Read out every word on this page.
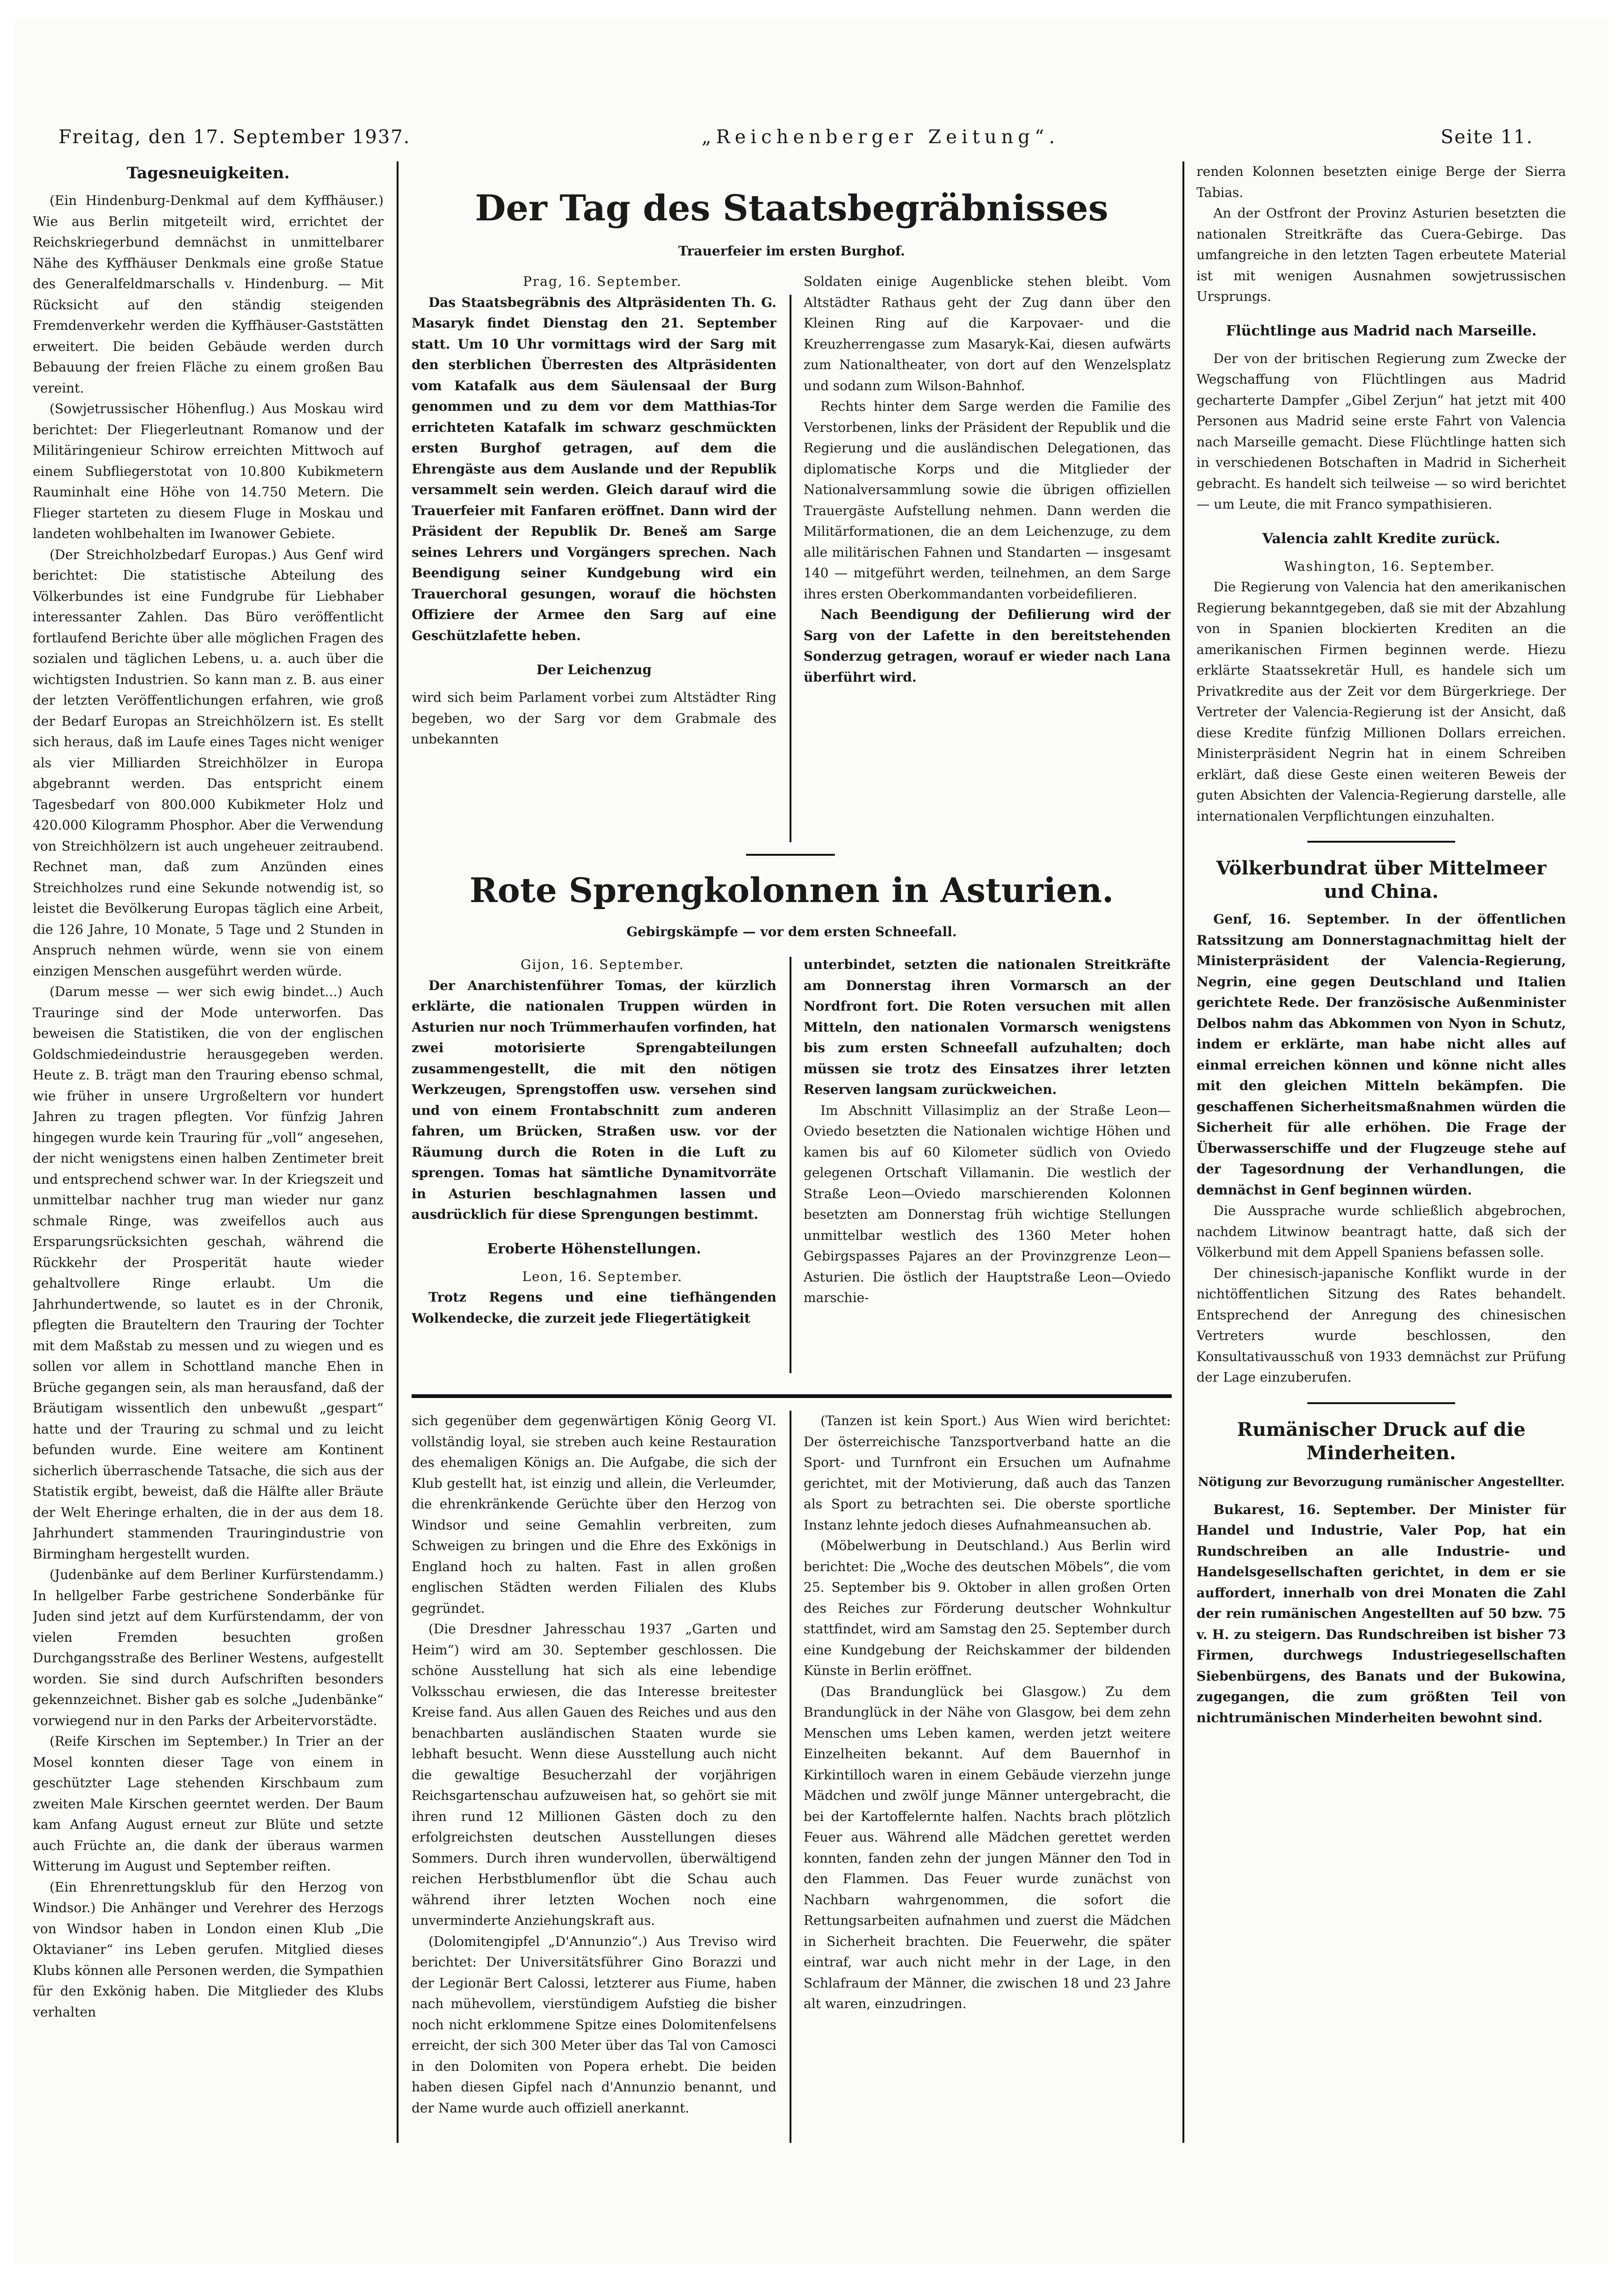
Freitag, den 17. September 1937.	„Reichenberger Zeitung“.	Seite 11.
Tagesneuigkeiten.

(Ein Hindenburg-Denkmal auf dem Kyffhäuser.) Wie aus Berlin mitgeteilt wird, errichtet der Reichskriegerbund demnächst in unmittelbarer Nähe des Kyffhäuser Denkmals eine große Statue des Generalfeldmarschalls v. Hindenburg. — Mit Rücksicht auf den ständig steigenden Fremdenverkehr werden die Kyffhäuser-Gaststätten erweitert. Die beiden Gebäude werden durch Bebauung der freien Fläche zu einem großen Bau vereint.

(Sowjetrussischer Höhenflug.) Aus Moskau wird berichtet: Der Fliegerleutnant Romanow und der Militäringenieur Schirow erreichten Mittwoch auf einem Subfliegerstotat von 10.800 Kubikmetern Rauminhalt eine Höhe von 14.750 Metern. Die Flieger starteten zu diesem Fluge in Moskau und landeten wohlbehalten im Iwanower Gebiete.

(Der Streichholzbedarf Europas.) Aus Genf wird berichtet: Die statistische Abteilung des Völkerbundes ist eine Fundgrube für Liebhaber interessanter Zahlen. Das Büro veröffentlicht fortlaufend Berichte über alle möglichen Fragen des sozialen und täglichen Lebens, u. a. auch über die wichtigsten Industrien. So kann man z. B. aus einer der letzten Veröffentlichungen erfahren, wie groß der Bedarf Europas an Streichhölzern ist. Es stellt sich heraus, daß im Laufe eines Tages nicht weniger als vier Milliarden Streichhölzer in Europa abgebrannt werden. Das entspricht einem Tagesbedarf von 800.000 Kubikmeter Holz und 420.000 Kilogramm Phosphor. Aber die Verwendung von Streichhölzern ist auch ungeheuer zeitraubend. Rechnet man, daß zum Anzünden eines Streichholzes rund eine Sekunde notwendig ist, so leistet die Bevölkerung Europas täglich eine Arbeit, die 126 Jahre, 10 Monate, 5 Tage und 2 Stunden in Anspruch nehmen würde, wenn sie von einem einzigen Menschen ausgeführt werden würde.

(Darum messe — wer sich ewig bindet...) Auch Trauringe sind der Mode unterworfen. Das beweisen die Statistiken, die von der englischen Goldschmiedeindustrie herausgegeben werden. Heute z. B. trägt man den Trauring ebenso schmal, wie früher in unsere Urgroßeltern vor hundert Jahren zu tragen pflegten. Vor fünfzig Jahren hingegen wurde kein Trauring für „voll“ angesehen, der nicht wenigstens einen halben Zentimeter breit und entsprechend schwer war. In der Kriegszeit und unmittelbar nachher trug man wieder nur ganz schmale Ringe, was zweifellos auch aus Ersparungsrücksichten geschah, während die Rückkehr der Prosperität haute wieder gehaltvollere Ringe erlaubt. Um die Jahrhundertwende, so lautet es in der Chronik, pflegten die Brauteltern den Trauring der Tochter mit dem Maßstab zu messen und zu wiegen und es sollen vor allem in Schottland manche Ehen in Brüche gegangen sein, als man herausfand, daß der Bräutigam wissentlich den unbewußt „gespart“ hatte und der Trauring zu schmal und zu leicht befunden wurde. Eine weitere am Kontinent sicherlich überraschende Tatsache, die sich aus der Statistik ergibt, beweist, daß die Hälfte aller Bräute der Welt Eheringe erhalten, die in der aus dem 18. Jahrhundert stammenden Trauringindustrie von Birmingham hergestellt wurden.

(Judenbänke auf dem Berliner Kurfürstendamm.) In hellgelber Farbe gestrichene Sonderbänke für Juden sind jetzt auf dem Kurfürstendamm, der von vielen Fremden besuchten großen Durchgangsstraße des Berliner Westens, aufgestellt worden. Sie sind durch Aufschriften besonders gekennzeichnet. Bisher gab es solche „Judenbänke“ vorwiegend nur in den Parks der Arbeitervorstädte.

(Reife Kirschen im September.) In Trier an der Mosel konnten dieser Tage von einem in geschützter Lage stehenden Kirschbaum zum zweiten Male Kirschen geerntet werden. Der Baum kam Anfang August erneut zur Blüte und setzte auch Früchte an, die dank der überaus warmen Witterung im August und September reiften.

(Ein Ehrenrettungsklub für den Herzog von Windsor.) Die Anhänger und Verehrer des Herzogs von Windsor haben in London einen Klub „Die Oktavianer“ ins Leben gerufen. Mitglied dieses Klubs können alle Personen werden, die Sympathien für den Exkönig haben. Die Mitglieder des Klubs verhalten

Der Tag des Staatsbegräbnisses
Trauerfeier im ersten Burghof.

Prag, 16. September.

Das Staatsbegräbnis des Altpräsidenten Th. G. Masaryk findet Dienstag den 21. September statt. Um 10 Uhr vormittags wird der Sarg mit den sterblichen Überresten des Altpräsidenten vom Katafalk aus dem Säulensaal der Burg genommen und zu dem vor dem Matthias-Tor errichteten Katafalk im schwarz geschmückten ersten Burghof getragen, auf dem die Ehrengäste aus dem Auslande und der Republik versammelt sein werden. Gleich darauf wird die Trauerfeier mit Fanfaren eröffnet. Dann wird der Präsident der Republik Dr. Beneš am Sarge seines Lehrers und Vorgängers sprechen. Nach Beendigung seiner Kundgebung wird ein Trauerchoral gesungen, worauf die höchsten Offiziere der Armee den Sarg auf eine Geschützlafette heben.

Der Leichenzug

wird sich beim Parlament vorbei zum Altstädter Ring begeben, wo der Sarg vor dem Grabmale des unbekannten

Soldaten einige Augenblicke stehen bleibt. Vom Altstädter Rathaus geht der Zug dann über den Kleinen Ring auf die Karpovaer- und die Kreuzherrengasse zum Masaryk-Kai, diesen aufwärts zum Nationaltheater, von dort auf den Wenzelsplatz und sodann zum Wilson-Bahnhof.

Rechts hinter dem Sarge werden die Familie des Verstorbenen, links der Präsident der Republik und die Regierung und die ausländischen Delegationen, das diplomatische Korps und die Mitglieder der Nationalversammlung sowie die übrigen offiziellen Trauergäste Aufstellung nehmen. Dann werden die Militärformationen, die an dem Leichenzuge, zu dem alle militärischen Fahnen und Standarten — insgesamt 140 — mitgeführt werden, teilnehmen, an dem Sarge ihres ersten Oberkommandanten vorbeidefilieren.

Nach Beendigung der Defilierung wird der Sarg von der Lafette in den bereitstehenden Sonderzug getragen, worauf er wieder nach Lana überführt wird.

Rote Sprengkolonnen in Asturien.
Gebirgskämpfe — vor dem ersten Schneefall.

Gijon, 16. September.

Der Anarchistenführer Tomas, der kürzlich erklärte, die nationalen Truppen würden in Asturien nur noch Trümmerhaufen vorfinden, hat zwei motorisierte Sprengabteilungen zusammengestellt, die mit den nötigen Werkzeugen, Sprengstoffen usw. versehen sind und von einem Frontabschnitt zum anderen fahren, um Brücken, Straßen usw. vor der Räumung durch die Roten in die Luft zu sprengen. Tomas hat sämtliche Dynamitvorräte in Asturien beschlagnahmen lassen und ausdrücklich für diese Sprengungen bestimmt.

Eroberte Höhenstellungen.

Leon, 16. September.

Trotz Regens und eine tiefhängenden Wolkendecke, die zurzeit jede Fliegertätigkeit

unterbindet, setzten die nationalen Streitkräfte am Donnerstag ihren Vormarsch an der Nordfront fort. Die Roten versuchen mit allen Mitteln, den nationalen Vormarsch wenigstens bis zum ersten Schneefall aufzuhalten; doch müssen sie trotz des Einsatzes ihrer letzten Reserven langsam zurückweichen.

Im Abschnitt Villasimpliz an der Straße Leon—Oviedo besetzten die Nationalen wichtige Höhen und kamen bis auf 60 Kilometer südlich von Oviedo gelegenen Ortschaft Villamanin. Die westlich der Straße Leon—Oviedo marschierenden Kolonnen besetzten am Donnerstag früh wichtige Stellungen unmittelbar westlich des 1360 Meter hohen Gebirgspasses Pajares an der Provinzgrenze Leon—Asturien. Die östlich der Hauptstraße Leon—Oviedo marschie-

sich gegenüber dem gegenwärtigen König Georg VI. vollständig loyal, sie streben auch keine Restauration des ehemaligen Königs an. Die Aufgabe, die sich der Klub gestellt hat, ist einzig und allein, die Verleumder, die ehrenkränkende Gerüchte über den Herzog von Windsor und seine Gemahlin verbreiten, zum Schweigen zu bringen und die Ehre des Exkönigs in England hoch zu halten. Fast in allen großen englischen Städten werden Filialen des Klubs gegründet.

(Die Dresdner Jahresschau 1937 „Garten und Heim“) wird am 30. September geschlossen. Die schöne Ausstellung hat sich als eine lebendige Volksschau erwiesen, die das Interesse breitester Kreise fand. Aus allen Gauen des Reiches und aus den benachbarten ausländischen Staaten wurde sie lebhaft besucht. Wenn diese Ausstellung auch nicht die gewaltige Besucherzahl der vorjährigen Reichsgartenschau aufzuweisen hat, so gehört sie mit ihren rund 12 Millionen Gästen doch zu den erfolgreichsten deutschen Ausstellungen dieses Sommers. Durch ihren wundervollen, überwältigend reichen Herbstblumenflor übt die Schau auch während ihrer letzten Wochen noch eine unverminderte Anziehungskraft aus.

(Dolomitengipfel „D'Annunzio“.) Aus Treviso wird berichtet: Der Universitätsführer Gino Borazzi und der Legionär Bert Calossi, letzterer aus Fiume, haben nach mühevollem, vierstündigem Aufstieg die bisher noch nicht erklommene Spitze eines Dolomitenfelsens erreicht, der sich 300 Meter über das Tal von Camosci in den Dolomiten von Popera erhebt. Die beiden haben diesen Gipfel nach d'Annunzio benannt, und der Name wurde auch offiziell anerkannt.

(Tanzen ist kein Sport.) Aus Wien wird berichtet: Der österreichische Tanzsportverband hatte an die Sport- und Turnfront ein Ersuchen um Aufnahme gerichtet, mit der Motivierung, daß auch das Tanzen als Sport zu betrachten sei. Die oberste sportliche Instanz lehnte jedoch dieses Aufnahmeansuchen ab.

(Möbelwerbung in Deutschland.) Aus Berlin wird berichtet: Die „Woche des deutschen Möbels“, die vom 25. September bis 9. Oktober in allen großen Orten des Reiches zur Förderung deutscher Wohnkultur stattfindet, wird am Samstag den 25. September durch eine Kundgebung der Reichskammer der bildenden Künste in Berlin eröffnet.

(Das Brandunglück bei Glasgow.) Zu dem Brandunglück in der Nähe von Glasgow, bei dem zehn Menschen ums Leben kamen, werden jetzt weitere Einzelheiten bekannt. Auf dem Bauernhof in Kirkintilloch waren in einem Gebäude vierzehn junge Mädchen und zwölf junge Männer untergebracht, die bei der Kartoffelernte halfen. Nachts brach plötzlich Feuer aus. Während alle Mädchen gerettet werden konnten, fanden zehn der jungen Männer den Tod in den Flammen. Das Feuer wurde zunächst von Nachbarn wahrgenommen, die sofort die Rettungsarbeiten aufnahmen und zuerst die Mädchen in Sicherheit brachten. Die Feuerwehr, die später eintraf, war auch nicht mehr in der Lage, in den Schlafraum der Männer, die zwischen 18 und 23 Jahre alt waren, einzudringen.

renden Kolonnen besetzten einige Berge der Sierra Tabias.

An der Ostfront der Provinz Asturien besetzten die nationalen Streitkräfte das Cuera-Gebirge. Das umfangreiche in den letzten Tagen erbeutete Material ist mit wenigen Ausnahmen sowjetrussischen Ursprungs.

Flüchtlinge aus Madrid nach Marseille.

Der von der britischen Regierung zum Zwecke der Wegschaffung von Flüchtlingen aus Madrid gecharterte Dampfer „Gibel Zerjun“ hat jetzt mit 400 Personen aus Madrid seine erste Fahrt von Valencia nach Marseille gemacht. Diese Flüchtlinge hatten sich in verschiedenen Botschaften in Madrid in Sicherheit gebracht. Es handelt sich teilweise — so wird berichtet — um Leute, die mit Franco sympathisieren.

Valencia zahlt Kredite zurück.

Washington, 16. September.

Die Regierung von Valencia hat den amerikanischen Regierung bekanntgegeben, daß sie mit der Abzahlung von in Spanien blockierten Krediten an die amerikanischen Firmen beginnen werde. Hiezu erklärte Staatssekretär Hull, es handele sich um Privatkredite aus der Zeit vor dem Bürgerkriege. Der Vertreter der Valencia-Regierung ist der Ansicht, daß diese Kredite fünfzig Millionen Dollars erreichen. Ministerpräsident Negrin hat in einem Schreiben erklärt, daß diese Geste einen weiteren Beweis der guten Absichten der Valencia-Regierung darstelle, alle internationalen Verpflichtungen einzuhalten.

Völkerbundrat über Mittelmeer und China.

Genf, 16. September. In der öffentlichen Ratssitzung am Donnerstagnachmittag hielt der Ministerpräsident der Valencia-Regierung, Negrin, eine gegen Deutschland und Italien gerichtete Rede. Der französische Außenminister Delbos nahm das Abkommen von Nyon in Schutz, indem er erklärte, man habe nicht alles auf einmal erreichen können und könne nicht alles mit den gleichen Mitteln bekämpfen. Die geschaffenen Sicherheitsmaßnahmen würden die Sicherheit für alle erhöhen. Die Frage der Überwasserschiffe und der Flugzeuge stehe auf der Tagesordnung der Verhandlungen, die demnächst in Genf beginnen würden.

Die Aussprache wurde schließlich abgebrochen, nachdem Litwinow beantragt hatte, daß sich der Völkerbund mit dem Appell Spaniens befassen solle.

Der chinesisch-japanische Konflikt wurde in der nichtöffentlichen Sitzung des Rates behandelt. Entsprechend der Anregung des chinesischen Vertreters wurde beschlossen, den Konsultativausschuß von 1933 demnächst zur Prüfung der Lage einzuberufen.

Rumänischer Druck auf die Minderheiten.
Nötigung zur Bevorzugung rumänischer Angestellter.

Bukarest, 16. September. Der Minister für Handel und Industrie, Valer Pop, hat ein Rundschreiben an alle Industrie- und Handelsgesellschaften gerichtet, in dem er sie auffordert, innerhalb von drei Monaten die Zahl der rein rumänischen Angestellten auf 50 bzw. 75 v. H. zu steigern. Das Rundschreiben ist bisher 73 Firmen, durchwegs Industriegesellschaften Siebenbürgens, des Banats und der Bukowina, zugegangen, die zum größten Teil von nichtrumänischen Minderheiten bewohnt sind.
